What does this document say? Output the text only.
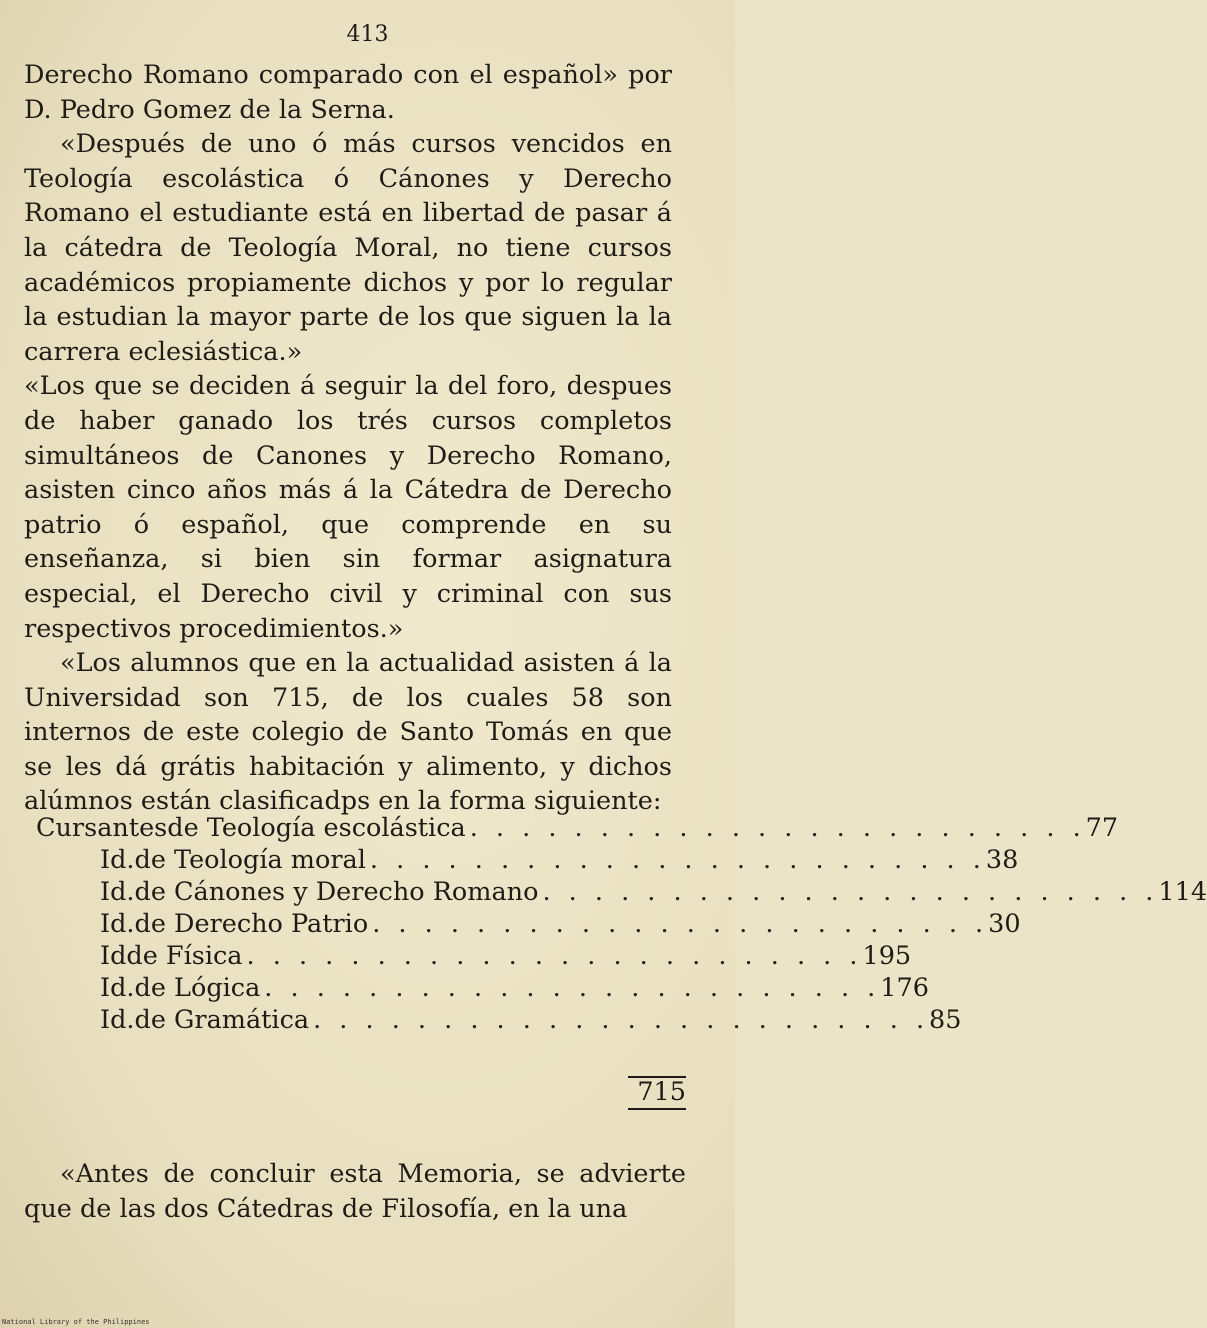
413

Derecho Romano comparado con el español» por D. Pedro Gomez de la Serna.

«Después de uno ó más cursos vencidos en Teología escolástica ó Cánones y Derecho Romano el estudiante está en libertad de pasar á la cátedra de Teología Moral, no tiene cursos académicos propiamente dichos y por lo regular la estudian la mayor parte de los que siguen la la carrera eclesiástica.»

«Los que se deciden á seguir la del foro, despues de haber ganado los trés cursos completos simultáneos de Canones y Derecho Romano, asisten cinco años más á la Cátedra de Derecho patrio ó español, que comprende en su enseñanza, si bien sin formar asignatura especial, el Derecho civil y criminal con sus respectivos procedimientos.»

«Los alumnos que en la actualidad asisten á la Universidad son 715, de los cuales 58 son internos de este colegio de Santo Tomás en que se les dá grátis habitación y alimento, y dichos alúmnos están clasificadps en la forma siguiente:

Cursantes de Teología escolástica . . . . . . . . . . . . . . . . . . . . . . . . 77
Id. de Teología moral . . . . . . . . . . . . . . . . . . . . . . . . 38
Id. de Cánones y Derecho Romano . . . . . . . . . . . . . . . . . . . . . . . . 114
Id. de Derecho Patrio . . . . . . . . . . . . . . . . . . . . . . . . 30
Id de Física . . . . . . . . . . . . . . . . . . . . . . . . 195
Id. de Lógica . . . . . . . . . . . . . . . . . . . . . . . . 176
Id. de Gramática . . . . . . . . . . . . . . . . . . . . . . . . 85
715

«Antes de concluir esta Memoria, se advierte que de las dos Cátedras de Filosofía, en la una

National Library of the Philippines
